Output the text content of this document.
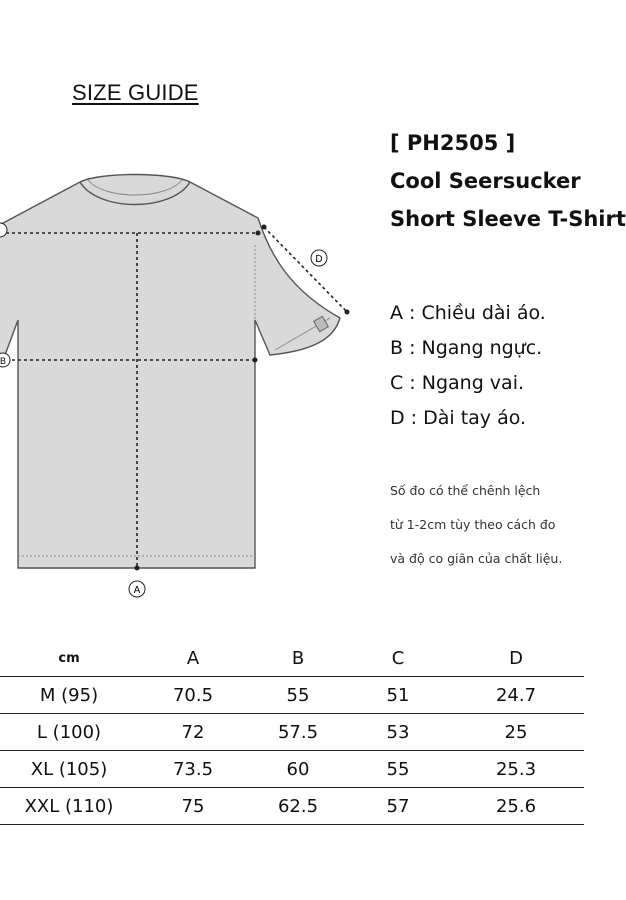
SIZE GUIDE
[ PH2505 ]
Cool Seersucker
Short Sleeve T-Shirt
B
A
D
A : Chiều dài áo.
B : Ngang ngực.
C : Ngang vai.
D : Dài tay áo.
Số đo có thể chênh lệch
từ 1-2cm tùy theo cách đo
và độ co giãn của chất liệu.
cm	A	B	C	D
M (95)	70.5	55	51	24.7
L (100)	72	57.5	53	25
XL (105)	73.5	60	55	25.3
XXL (110)	75	62.5	57	25.6
